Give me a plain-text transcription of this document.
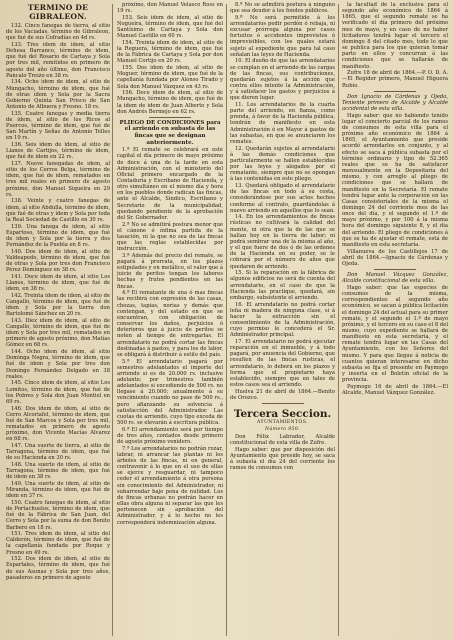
TERMINO DE GIBRALEON.

132. Cinco fanegas de tierra, al sitio de los Vaciadas, término de Gibraleon, que fué de sus Cofradías en 4d rs.

133. Tres idem de idem, al sitio Dehesa Barranco, término de idem, que fué del Rosario de Cartaya y Sola por tres mil, remitidos en primero de agosto del año último, don Francisco Pancalo Treizo en 38 rs.

134. Ocho idem de idem, al sitio de Mungacho, término de idem, que fué de otras ídem y Sola por la Sacra Gobierno Quinta San Prisco de San Antonio de Albuera y Fresno. 18 rs.

135. Cuatro fanegas y media tierra de idem, al sitio de los Ricos al Puercos, término de idem, que fué de San Martín y Señas de Antonio Telles en 19 rs.

136. Seis idem de idem, al sitio de Lianos de Cartijos, término de idem, que fué de idem en 22 rs.

137. Nueve fanegadas de idem, al sitio de los Cerros Belga, término de idem, que fué de idem, rematados en tres mil reales en primero de agosto próximo, don Manuel Siqueira en 29 rs.

138. Veinte y cuatro fanegas de idem, al sitio Abdulla, término de idem, que fué de otras y ídem y Sola por toda la Real Sociedad de Castillo en 30 rs.

139. Una fanega de idem, al sitio Espartoso, término de idem, que fué de idem y Sola por la tierra y dos Fernández de la Puebla en 8 rs.

140. Dos idem de idem, al sitio de Valdeapedo, término de idem, que fué de otras y Sola por tres don Francisco Pérez Domínguez en 38 rs.

141. Doce idem de idem, al sitio Los Llanos, término de idem, que fué de idem, en 38 rs.

142. Treinta idem de idem, al sitio de Cangallo, término de idem, que fué de idem y Sola por la tierra don Bartolomé Sánchez en 20 rs.

143. Diez idem de idem, al sitio de Cangallo, término de idem, que fué de idem y Sola por tres mil, rematados en primero de agosto próximo, don Matías Gómez en 68 rs.

144. Ocho idem de idem, al sitio Dominga Negra, término de idem, que fué de idem y Sola por tres don Domingo Fernández Delgado en 38 reales.

145. Cinco idem de idem, al sitio Los Lomitos, término de idem, que fué de los Pobres y Sola don Juan Montiel en 69 rs.

146. Dos idem de idem, al sitio de Cerro Alcorlafel, término de idem, que fué de San Marcos y Sola por tres mil, rematados en primero de agosto próximo, don Vicente Macías Alvarez en 68 rs.

147. Una suerte de tierra, al sitio de Tarragona, término de idem, que fué de su Hacienda en 30 rs.

148. Una suerte de idem, al sitio de Tarragona, término de idem, que fué de idem en 38 rs.

149. Una suerte de idem, al sitio de Miranda, término de idem, que fué de idem en 37 rs.

150. Cuatro fanegas de idem, al sitio de Portachuelos, término de idem, que fué de la Fábrica de San Juan, del Cerro y Sola por la suma de don Benito Barbero en 18 rs.

151. Tres idem de idem, al sitio del Calderón, término de idem, que fué de la capellanía fundada por Roque y Fresno en 49 rs.

152. Dos idem de idem, al sitio de Espartales, término de idem, que fué de sus Asunas y Sola por tres años, pasaderos en primero de agosto

próximo, don Manuel Velasco Ross en 19 rs.

153. Seis idem de idem, al sitio de Nogueira, término de idem, que fué del Santísimo de Cartaya y Sola don Manuel Castillo en 60 rs.

154. Treinta idem de idem, al sitio de la Reguera, término de idem, que fué de la Fábrica de Cartaya y Sola por don Manuel Cortijo en 20 rs.

155. Dos idem de idem, al sitio de Moguer, término de idem, que fué de la capellanía fundada por Alonso Tirado y Sola don Manuel Vázquez en 43 rs.

156. Doce idem de idem, al sitio de Mungacho, término de idem, que fué de la idem de idem de Juan Alberto y Sola don Andrés Bermejo en 62 rs.

PLIEGO DE CONDICIONES para el arriendo en subasta de las fincas que se designan anteriormente.

1.ª El remate se celebrará en este capital el día primero de mayo próximo de doce á una de la tarde en esta Administración, con el ministerio del Oficial primero encargado de la Contaduría y Escribano de Hacienda, y otro simultáneo en el mismo día y hora en los pueblos donde radican las fincas, ante el Alcalde, Síndico, Escribano y Secretario de la municipalidad, quedando pendiente de la aprobación del Sr. Gobernador.

2.ª No se admitirá postura menor que el cánone ó ínfima partida de la tasación, ni la que no sea de las fincas que las reglas establecidas por instrucción.

3.ª Además del precio del remate, se pagará á prorrata, en los plazos estipulados y en metálico, el valor que á juicio de peritos tengan los labores hechas y frutos pendientes en las fincas.

4.ª El rematante de una ó mas fincas las recibirá con expresión de las casas, chozas, tapias, norias y demás que contengan, y del estado en que se encuentran, con obligación de conservar los daños, perjuicios ó deterioros que á juicio de peritos se noten al tiempo de entregarlas. El arrendatario no podrá cortar las fincas destinadas á pastos, y para los de labor, se obligará á distribuir á estilo del país.

5.ª El arrendatario pagará por semestres adelantados el importe del arriendo si es de 20.000 rs. inclusive adelante; por trimestres también adelantados si excediendo de 500 rs. no llegase á 20.000; anualmente á su vencimiento cuando no pase de 500 rs., pero afianzando su solvencia á satisfacción del Administrador. Las cuotas de arriendo, cuyo tipo exceda de 500 rs. se elevarán á escritura pública.

6.ª El arrendamiento será por tiempo de tres años, contados desde primero de agosto próximo venidero.

7.ª Los arrendatarios no podrán rozar, labrar, ni arrancar las plantas ni los árboles de las fincas, ni en general, contravenir á lo que en el uso de ellas se ejerce y resguardar, ni tampoco ceder el arrendamiento á otra persona sin conocimiento del Administrador, ni subarrendar bajo pena de nulidad. Los de fincas urbanas no podrán hacer en ellas obra alguna ni separar las que les pertenecen sin aprobación del Administrador, y á lo hecho no les corresponderá indemnización alguna.

8.ª No se admitirá postura á ninguno que sea deudor á los fondos públicos.

9.ª No será permitido á los arrendatarios pedir perdón ó rebaja, ni excusar prórroga alguna por casos fortuitos ó accidentes imprevistos ó imprevisibles, con los quales estará sujeto al expediente que para tal caso señalan las leyes de Hacienda.

10. El dueño de que las arrendatarios se cumplan en el arriendo de las cargas de las fincas, sus contribuciones, quedarán sujetos á la acción que contra ellos intente la Administración, y á satisfacer los gastos y perjuicios á que dieren lugar.

11. Los arrendatarios de la cuarta parte del arriendo, en fianza, como prenda, á favor de la Hacienda pública, tendrán de manifiesto en esta Administración ó en Mayor á gastos de las subastas, en que se anunciaren los remates.

12. Quedarán sujetos al arrendatario á las demás condiciones que particularmente se hallen establecidas por las leyes y alegados por el rematante, siempre que no se opongan á las contenidas en este pliego.

13. Quedará obligado el arrendatario de las fincas en todo á su costa, considerándose por sus actos hechos conforme al contrato, guardándolas á nuevo arriendo en aquellos que lo sean.

14. En los arrendamientos de fincas rústicas no cultivará la calidad del monte, ni otra que la de las que se hallan hoy en la tierra de labor; ni podrá sembrar una de la misma al año, y el que fuere de dos ó de las ordenes de la Hacienda en su poder, se le cobrará por el número de años que quedaren de arriendo.

15. Si la reparación en la fábrica de algunos edificios no será de cuenta del arrendatario, en el caso de que la Hacienda las practique, quedará, sin embargo, subsistente el arriendo.

16. El arrendatario no podrá cortar leña ni madera de ninguna clase, si á hacer la extracción sin el consentimiento de la Administración, cuyo permiso le concederá el Sr. Administrador principal.

17. El arrendatario no podrá ejecutar reparación en el inmueble, y á todo pagará, por anuencia del Gobierno, que resulten de las fincas rusticas, el arrendatario, lo deberá en los plazos y forma que el propietario haya establecido, siempre que en tales de estos casos sea el arriendo.

Huelva 21 de abril de 1864.—Benito de Orozco.

Tercera Seccion.
AYUNTAMIENTOS.
Número 950.

Don Félix Labrador, Alcalde constitucional de esta villa de Zufre.

Hago saber: que por disposición del Ayuntamiento que preside hoy, se saca á subasta el día 24 del corriente los ramos de consumos con

la facultad de la exclusiva para el segundo año económico de 1864 á 1865, que el segundo remate se ha verificado el día primero del próximo mes de mayo, y en caso de no haber licitadores tendrá lugar el tercero el domingo 8 del citado mes, todo lo que se publica para los que quieran tomar parte en ellos y concurran á las condiciones que se hallarán de manifiesto.

Zufre 18 de abril de 1864.—P. O. D. A.—El Regidor primero, Manuel Higuera Rubio.

Don Ignacio de Cárdenas y Ojeda, Teniente primero de Alcalde y Alcalde accidental de esta villa.

Hago saber: que no habiendo tenido lugar el concierto parcial de los ramos de consumos de esta villa para el próximo año económico de 1864 á 1865, el Ayuntamiento que preside acordó arrendarlos en conjunto, y al efecto se saca á pública subasta por el término ordinario y tipo de 52.365 reales que se ha de satisfacer mensualmente en la Depositaría del mismo, y con arreglo al pliego de condiciones que se hallará de manifiesto en la Secretaría. El remate tendrá lugar ante la corporación en las Casas consistoriales de la misma el domingo 24 del corriente mes de las once del día, y el segundo el 1.º de mayo próximo, y por 100 á la misma hora del domingo siguiente 8, y el día del arriendo. El pliego de condiciones á que se ha de ajustar el remate, está de manifiesto en esta secretaría.

Villanueva de los Castillejos 17 de abril de 1864.—Ignacio de Cárdenas y Ojeda.

Don Manuel Vázquez González, Alcalde constitucional de esta villa.

Hago saber: que las especies de consumos de la misma, correspondientes al segundo año económico, se sacan á pública licitación el domingo 24 del actual para su primer remate, y el segundo el 1.º de mayo próximo, y el tercero en su caso el 8 del mismo, cuyo expediente se hallará de manifiesto en esta secretaría, y el remate tendrá lugar en las Casas del Ayuntamiento, con los Señores del mismo. Y para que llegue á noticia de cuantos quieran interesarse en dicho subasta se fija el presente en Paymogo y inserta en el Boletín oficial de la provincia.

Paymogo 16 de abril de 1864.—El Alcalde, Manuel Vázquez González.
